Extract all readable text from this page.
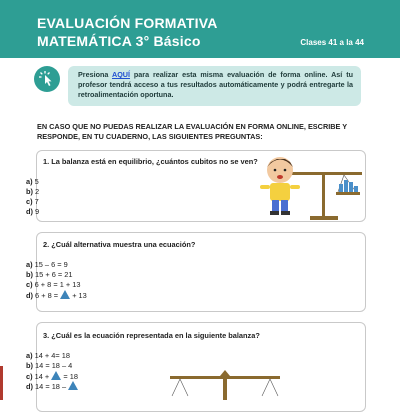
EVALUACIÓN FORMATIVA
MATEMÁTICA 3° Básico	Clases 41 a la 44
Presiona AQUÍ para realizar esta misma evaluación de forma online. Así tu profesor tendrá acceso a tus resultados automáticamente y podrá entregarte la retroalimentación oportuna.
EN CASO QUE NO PUEDAS REALIZAR LA EVALUACIÓN EN FORMA ONLINE, ESCRIBE Y RESPONDE, EN TU CUADERNO, LAS SIGUIENTES PREGUNTAS:
1. La balanza está en equilibrio, ¿cuántos cubitos no se ven?
a) 5
b) 2
c) 7
d) 9
2. ¿Cuál alternativa muestra una ecuación?
a) 15 – 6 = 9
b) 15 + 6 = 21
c) 6 + 8 = 1 + 13
d) 6 + 8 = + 13
3. ¿Cuál es la ecuación representada en la siguiente balanza?
a) 14 + 4= 18
b) 14 = 18 – 4
c) 14 + = 18
d) 14 = 18 –
